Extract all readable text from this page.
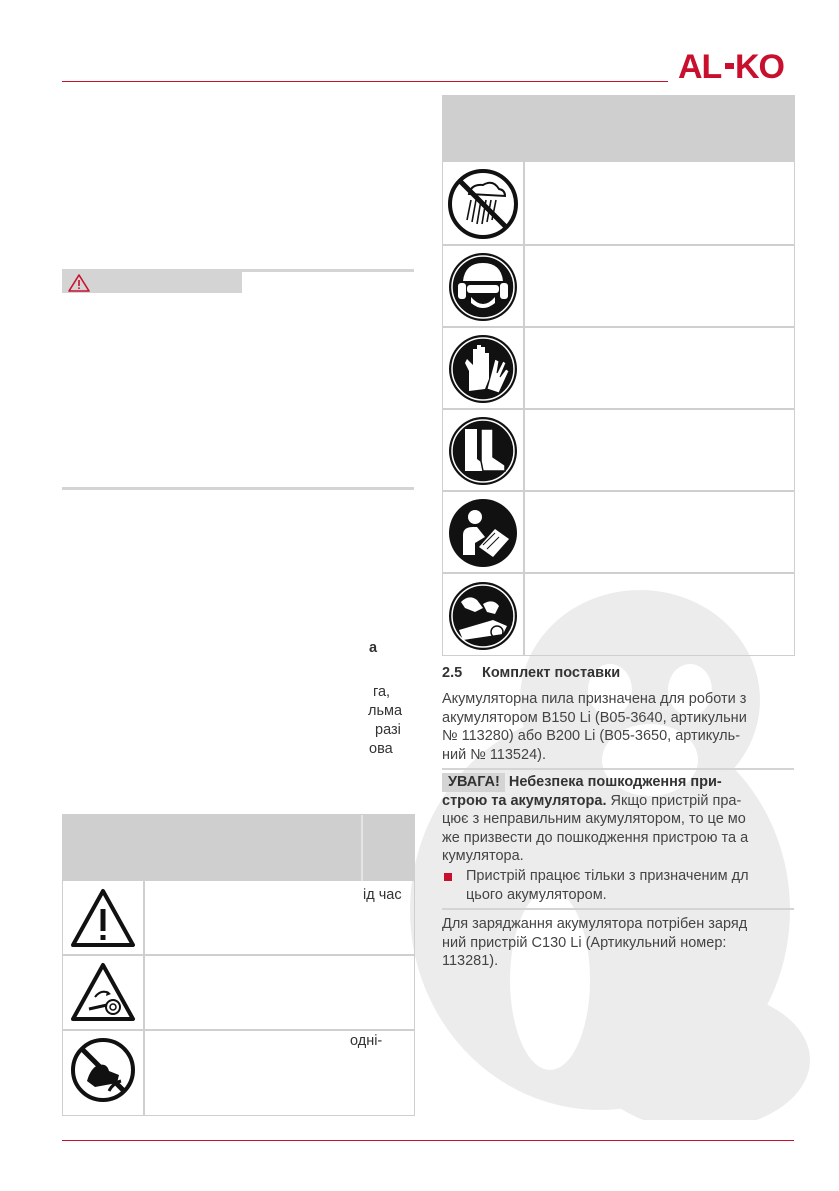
AL KO
а
га,
льма
разі
ова
ід час
одні-
2.5 Комплект поставки
Акумуляторна пила призначена для роботи з
акумулятором B150 Li (B05-3640, артикульни
№ 113280) або B200 Li (B05-3650, артикуль-
ний № 113524).
УВАГА! Небезпека пошкодження при-
строю та акумулятора. Якщо пристрій пра-
цює з неправильним акумулятором, то це мо
же призвести до пошкодження пристрою та а
кумулятора.
Пристрій працює тільки з призначеним дл
цього акумулятором.
Для заряджання акумулятора потрібен заряд
ний пристрій C130 Li (Артикульний номер:
113281).
